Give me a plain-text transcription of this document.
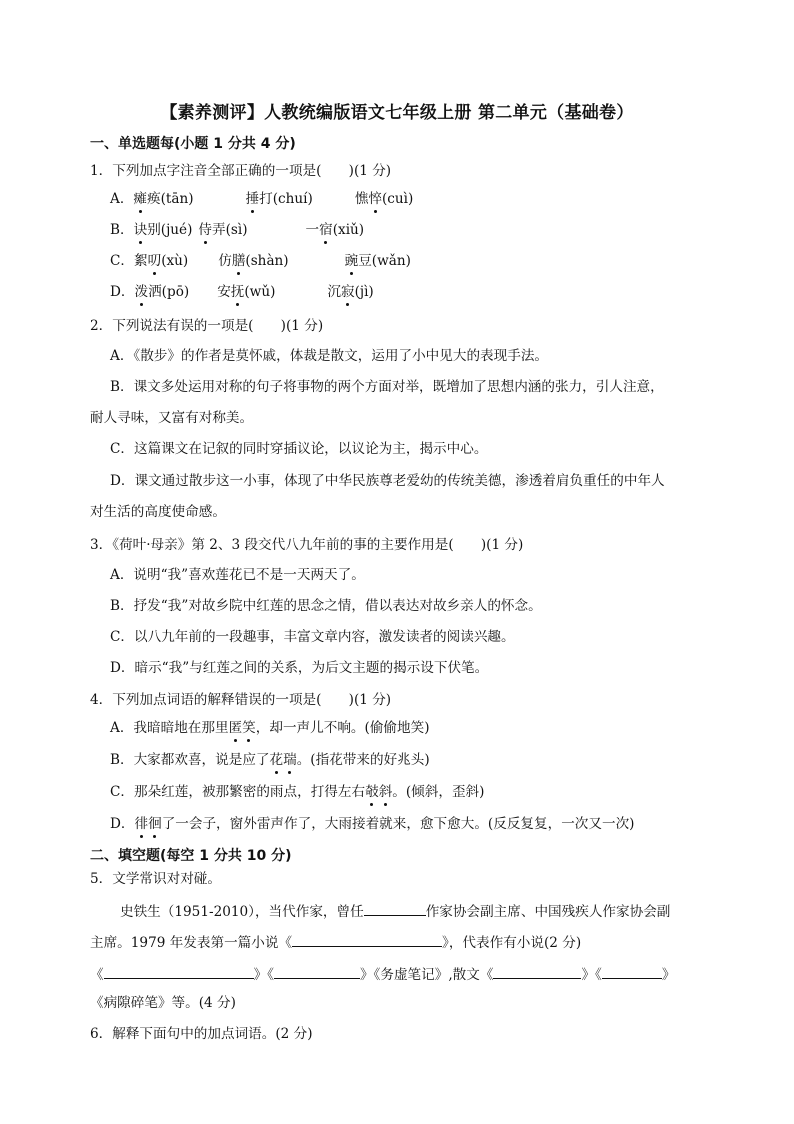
【素养测评】人教统编版语文七年级上册 第二单元（基础卷）
一、单选题每(小题 1 分共 4 分)
1．下列加点字注音全部正确的一项是(　　)(1 分)
A．瘫痪(tān)	捶打(chuí)	憔悴(cuì)
B．诀别(jué) 侍弄(sì)	一宿(xiǔ)
C．絮叨(xù) 仿膳(shàn)	豌豆(wǎn)
D．泼洒(pō) 安抚(wǔ)	沉寂(jì)
2．下列说法有误的一项是(　　)(1 分)
A．《散步》的作者是莫怀戚，体裁是散文，运用了小中见大的表现手法。
B．课文多处运用对称的句子将事物的两个方面对举，既增加了思想内涵的张力，引人注意，
耐人寻味，又富有对称美。
C．这篇课文在记叙的同时穿插议论，以议论为主，揭示中心。
D．课文通过散步这一小事，体现了中华民族尊老爱幼的传统美德，渗透着肩负重任的中年人
对生活的高度使命感。
3．《荷叶·母亲》第 2、3 段交代八九年前的事的主要作用是(　　)(1 分)
A．说明“我”喜欢莲花已不是一天两天了。
B．抒发“我”对故乡院中红莲的思念之情，借以表达对故乡亲人的怀念。
C．以八九年前的一段趣事，丰富文章内容，激发读者的阅读兴趣。
D．暗示“我”与红莲之间的关系，为后文主题的揭示设下伏笔。
4．下列加点词语的解释错误的一项是(　　)(1 分)
A．我暗暗地在那里匿笑，却一声儿不响。(偷偷地笑)
B．大家都欢喜，说是应了花瑞。(指花带来的好兆头)
C．那朵红莲，被那繁密的雨点，打得左右攲斜。(倾斜，歪斜)
D．徘徊了一会子，窗外雷声作了，大雨接着就来，愈下愈大。(反反复复，一次又一次)
二、填空题(每空 1 分共 10 分)
5．文学常识对对碰。
史铁生（1951-2010），当代作家，曾任	作家协会副主席、中国残疾人作家协会副
主席。1979 年发表第一篇小说《	》，代表作有小说(2 分)
《	》《	》《务虚笔记》,散文《	》《	》
《病隙碎笔》等。(4 分)
6．解释下面句中的加点词语。(2 分)
